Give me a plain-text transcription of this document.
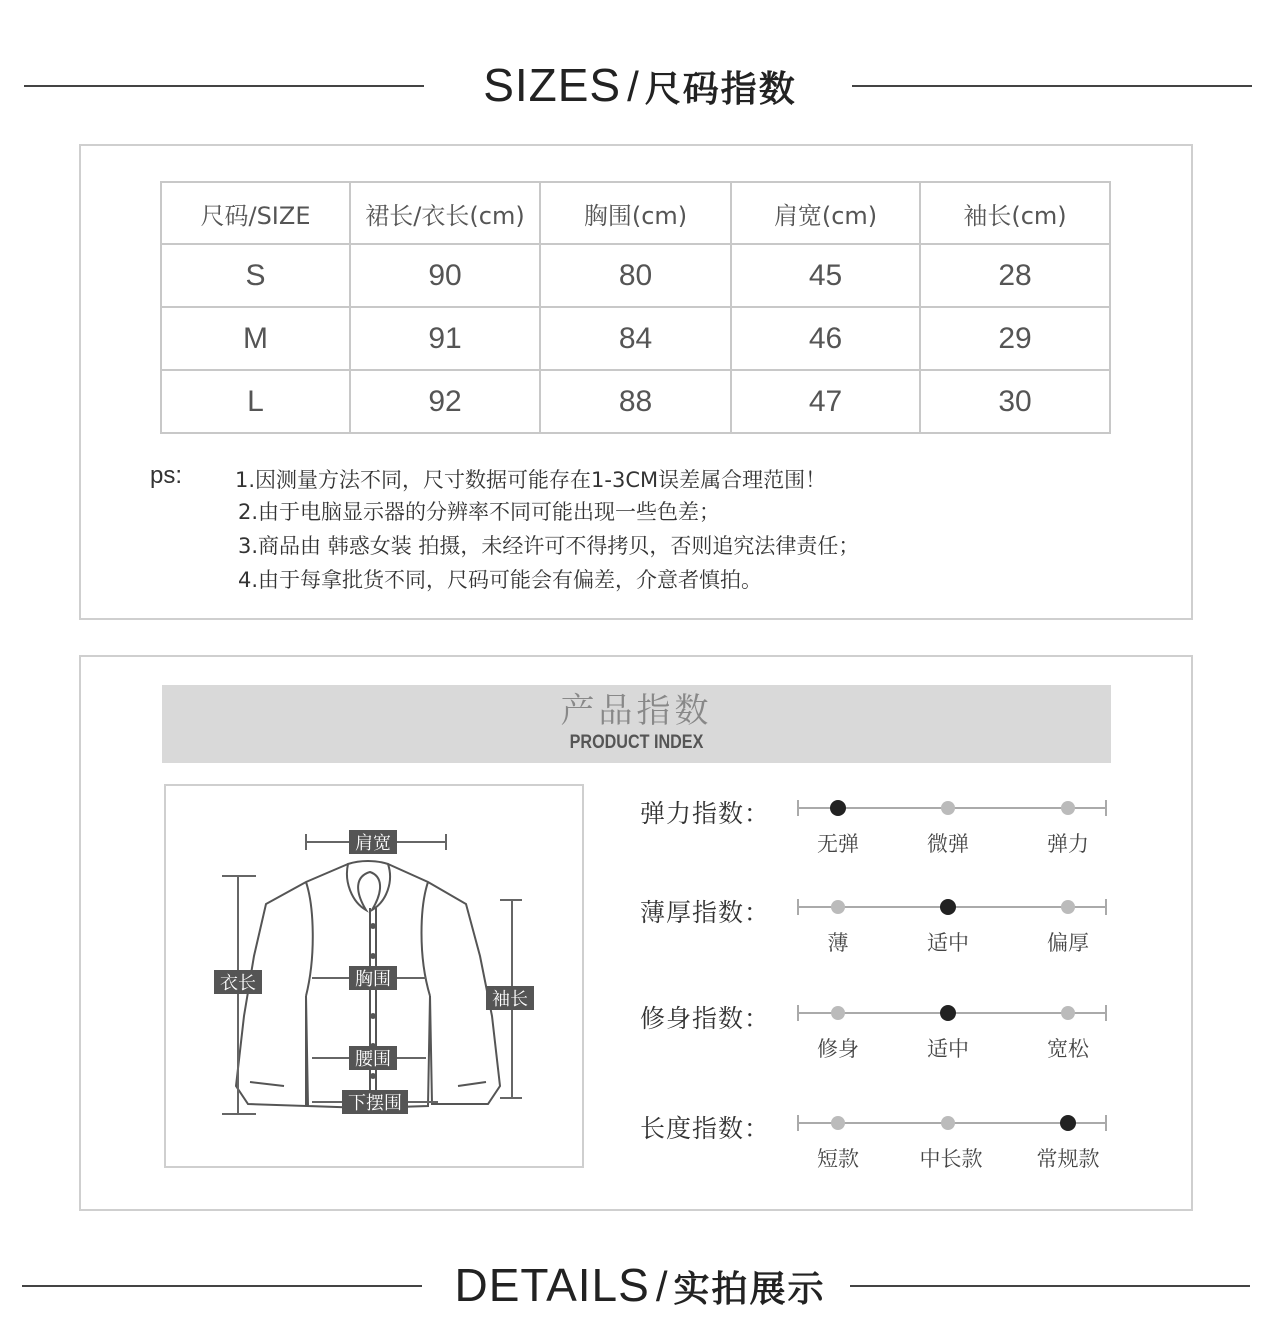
SIZES / 尺码指数
尺码/SIZE	裙长/衣长(cm)	胸围(cm)	肩宽(cm)	袖长(cm)
S	90	80	45	28
M	91	84	46	29
L	92	88	47	30
ps:	1.因测量方法不同，尺寸数据可能存在1-3CM误差属合理范围！
2.由于电脑显示器的分辨率不同可能出现一些色差；
3.商品由 韩惑女装 拍摄，未经许可不得拷贝，否则追究法律责任；
4.由于每拿批货不同，尺码可能会有偏差，介意者慎拍。
产品指数
PRODUCT INDEX
肩宽
衣长	胸围
袖长
腰围
下摆围
弹力指数：
无弹	微弹	弹力
薄厚指数：
薄	适中	偏厚
修身指数：
修身	适中	宽松
长度指数：
短款	中长款	常规款
DETAILS / 实拍展示
